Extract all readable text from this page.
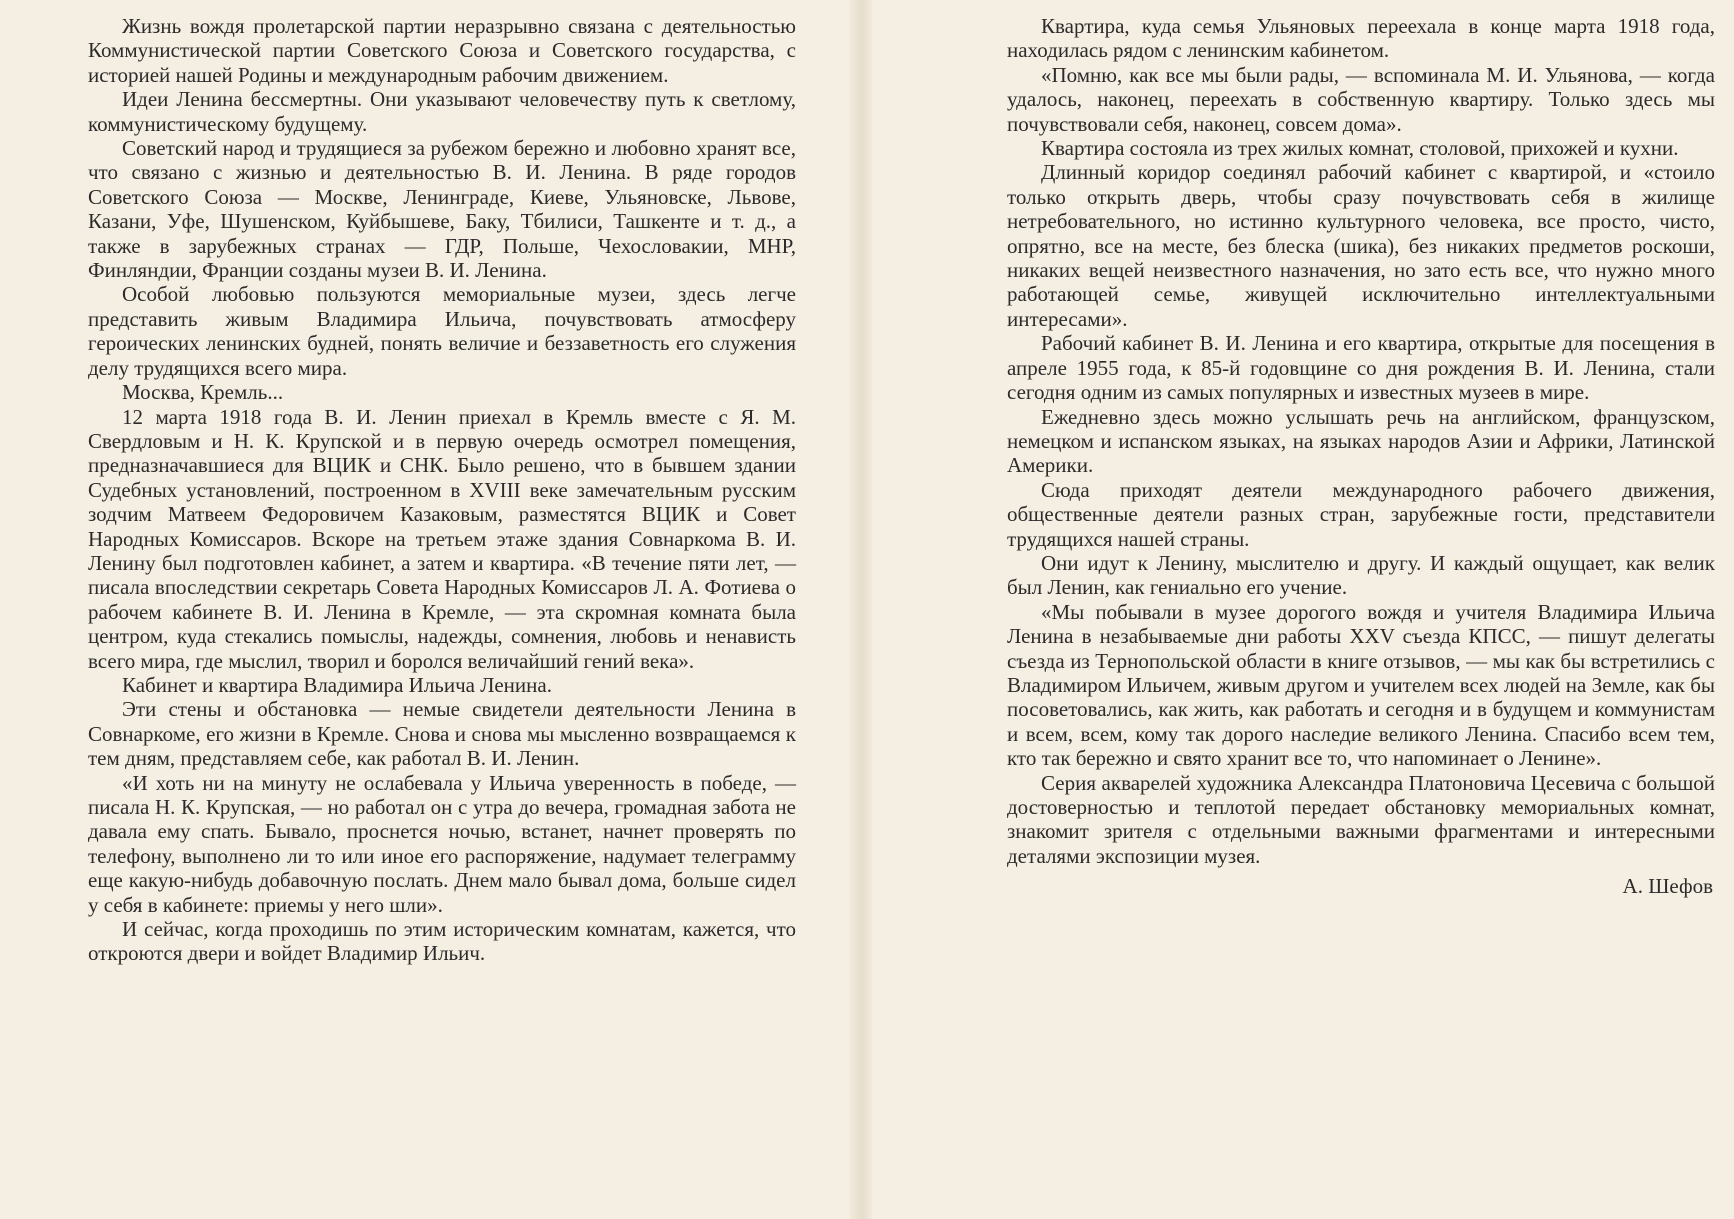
Жизнь вождя пролетарской партии неразрывно связана с деятельностью Коммунистической партии Советского Союза и Советского государства, с историей нашей Родины и международным рабочим движением.

Идеи Ленина бессмертны. Они указывают человечеству путь к светлому, коммунистическому будущему.

Советский народ и трудящиеся за рубежом бережно и любовно хранят все, что связано с жизнью и деятельностью В. И. Ленина. В ряде городов Советского Союза — Москве, Ленинграде, Киеве, Ульяновске, Львове, Казани, Уфе, Шушенском, Куйбышеве, Баку, Тбилиси, Ташкенте и т. д., а также в зарубежных странах — ГДР, Польше, Чехословакии, МНР, Финляндии, Франции созданы музеи В. И. Ленина.

Особой любовью пользуются мемориальные музеи, здесь легче представить живым Владимира Ильича, почувствовать атмосферу героических ленинских будней, понять величие и беззаветность его служения делу трудящихся всего мира.

Москва, Кремль...

12 марта 1918 года В. И. Ленин приехал в Кремль вместе с Я. М. Свердловым и Н. К. Крупской и в первую очередь осмотрел помещения, предназначавшиеся для ВЦИК и СНК. Было решено, что в бывшем здании Судебных установлений, построенном в XVIII веке замечательным русским зодчим Матвеем Федоровичем Казаковым, разместятся ВЦИК и Совет Народных Комиссаров. Вскоре на третьем этаже здания Совнаркома В. И. Ленину был подготовлен кабинет, а затем и квартира. «В течение пяти лет, — писала впоследствии секретарь Совета Народных Комиссаров Л. А. Фотиева о рабочем кабинете В. И. Ленина в Кремле, — эта скромная комната была центром, куда стекались помыслы, надежды, сомнения, любовь и ненависть всего мира, где мыслил, творил и боролся величайший гений века».

Кабинет и квартира Владимира Ильича Ленина.

Эти стены и обстановка — немые свидетели деятельности Ленина в Совнаркоме, его жизни в Кремле. Снова и снова мы мысленно возвращаемся к тем дням, представляем себе, как работал В. И. Ленин.

«И хоть ни на минуту не ослабевала у Ильича уверенность в победе, — писала Н. К. Крупская, — но работал он с утра до вечера, громадная забота не давала ему спать. Бывало, проснется ночью, встанет, начнет проверять по телефону, выполнено ли то или иное его распоряжение, надумает телеграмму еще какую-нибудь добавочную послать. Днем мало бывал дома, больше сидел у себя в кабинете: приемы у него шли».

И сейчас, когда проходишь по этим историческим комнатам, кажется, что откроются двери и войдет Владимир Ильич.

Квартира, куда семья Ульяновых переехала в конце марта 1918 года, находилась рядом с ленинским кабинетом.

«Помню, как все мы были рады, — вспоминала М. И. Ульянова, — когда удалось, наконец, переехать в собственную квартиру. Только здесь мы почувствовали себя, наконец, совсем дома».

Квартира состояла из трех жилых комнат, столовой, прихожей и кухни.

Длинный коридор соединял рабочий кабинет с квартирой, и «стоило только открыть дверь, чтобы сразу почувствовать себя в жилище нетребовательного, но истинно культурного человека, все просто, чисто, опрятно, все на месте, без блеска (шика), без никаких предметов роскоши, никаких вещей неизвестного назначения, но зато есть все, что нужно много работающей семье, живущей исключительно интеллектуальными интересами».

Рабочий кабинет В. И. Ленина и его квартира, открытые для посещения в апреле 1955 года, к 85-й годовщине со дня рождения В. И. Ленина, стали сегодня одним из самых популярных и известных музеев в мире.

Ежедневно здесь можно услышать речь на английском, французском, немецком и испанском языках, на языках народов Азии и Африки, Латинской Америки.

Сюда приходят деятели международного рабочего движения, общественные деятели разных стран, зарубежные гости, представители трудящихся нашей страны.

Они идут к Ленину, мыслителю и другу. И каждый ощущает, как велик был Ленин, как гениально его учение.

«Мы побывали в музее дорогого вождя и учителя Владимира Ильича Ленина в незабываемые дни работы XXV съезда КПСС, — пишут делегаты съезда из Тернопольской области в книге отзывов, — мы как бы встретились с Владимиром Ильичем, живым другом и учителем всех людей на Земле, как бы посоветовались, как жить, как работать и сегодня и в будущем и коммунистам и всем, всем, кому так дорого наследие великого Ленина. Спасибо всем тем, кто так бережно и свято хранит все то, что напоминает о Ленине».

Серия акварелей художника Александра Платоновича Цесевича с большой достоверностью и теплотой передает обстановку мемориальных комнат, знакомит зрителя с отдельными важными фрагментами и интересными деталями экспозиции музея.

А. Шефов
